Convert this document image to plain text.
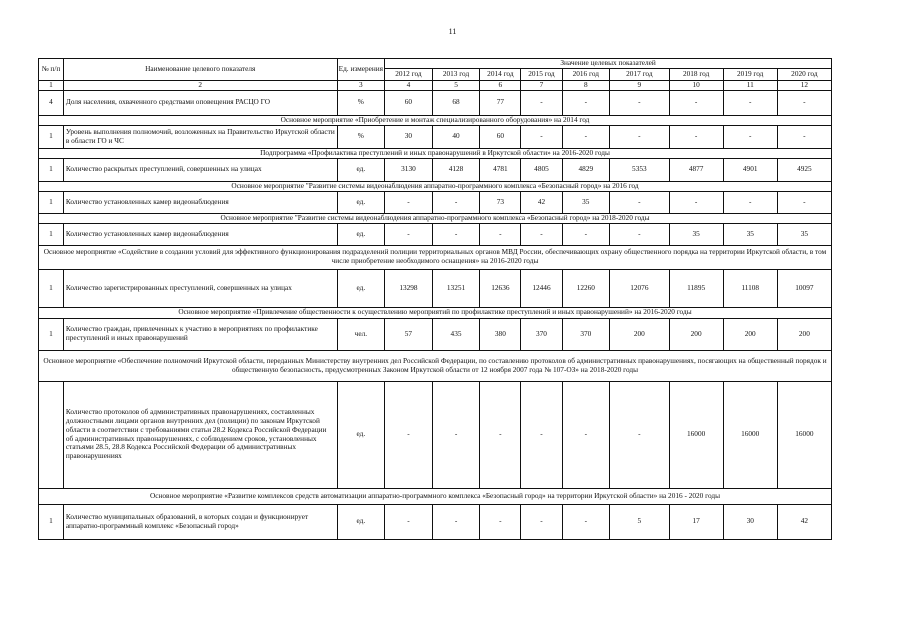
11
№ п/п	Наименование целевого показателя	Ед. измерения	Значение целевых показателей								
			2012 год	2013 год	2014 год	2015 год	2016 год	2017 год	2018 год	2019 год	2020 год
1	2	3	4	5	6	7	8	9	10	11	12
4	Доля населения, охваченного средствами оповещения РАСЦО ГО	%	60	68	77	-	-	-	-	-	-
Основное мероприятие «Приобретение и монтаж специализированного оборудования» на 2014 год											
1	Уровень выполнения полномочий, возложенных на Правительство Иркутской области в области ГО и ЧС	%	30	40	60	-	-	-	-	-	-
Подпрограмма «Профилактика преступлений и иных правонарушений в Иркутской области» на 2016-2020 годы											
1	Количество раскрытых преступлений, совершенных на улицах	ед.	3130	4128	4781	4805	4829	5353	4877	4901	4925
Основное мероприятие "Развитие системы видеонаблюдения аппаратно-программного комплекса «Безопасный город» на 2016 год											
1	Количество установленных камер видеонаблюдения	ед.	-	-	73	42	35	-	-	-	-
Основное мероприятие "Развитие системы видеонаблюдения аппаратно-программного комплекса «Безопасный город» на 2018-2020 годы											
1	Количество установленных камер видеонаблюдения	ед.	-	-	-	-	-	-	35	35	35
Основное мероприятие «Содействие в создании условий для эффективного функционирования подразделений полиции территориальных органов МВД России, обеспечивающих охрану общественного порядка на территории Иркутской области, в том числе приобретение необходимого оснащения» на 2016-2020 годы											
1	Количество зарегистрированных преступлений, совершенных на улицах	ед.	13298	13251	12636	12446	12260	12076	11895	11108	10097
Основное мероприятие «Привлечение общественности к осуществлению мероприятий по профилактике преступлений и иных правонарушений» на 2016-2020 годы											
1	Количество граждан, привлеченных к участию в мероприятиях по профилактике преступлений и иных правонарушений	чел.	57	435	380	370	370	200	200	200	200
Основное мероприятие «Обеспечение полномочий Иркутской области, переданных Министерству внутренних дел Российской Федерации, по составлению протоколов об административных правонарушениях, посягающих на общественный порядок и общественную безопасность, предусмотренных Законом Иркутской области от 12 ноября 2007 года № 107-ОЗ» на 2018-2020 годы											
	Количество протоколов об административных правонарушениях, составленных должностными лицами органов внутренних дел (полиции) по законам Иркутской области в соответствии с требованиями статьи 28.2 Кодекса Российской Федерации об административных правонарушениях, с соблюдением сроков, установленных статьями 28.5, 28.8 Кодекса Российской Федерации об административных правонарушениях	ед.	-	-	-	-	-	-	16000	16000	16000
Основное мероприятие «Развитие комплексов средств автоматизации аппаратно-программного комплекса «Безопасный город» на территории Иркутской области» на 2016 - 2020 годы											
1	Количество муниципальных образований, в которых создан и функционирует аппаратно-программный комплекс «Безопасный город»	ед.	-	-	-	-	-	5	17	30	42
